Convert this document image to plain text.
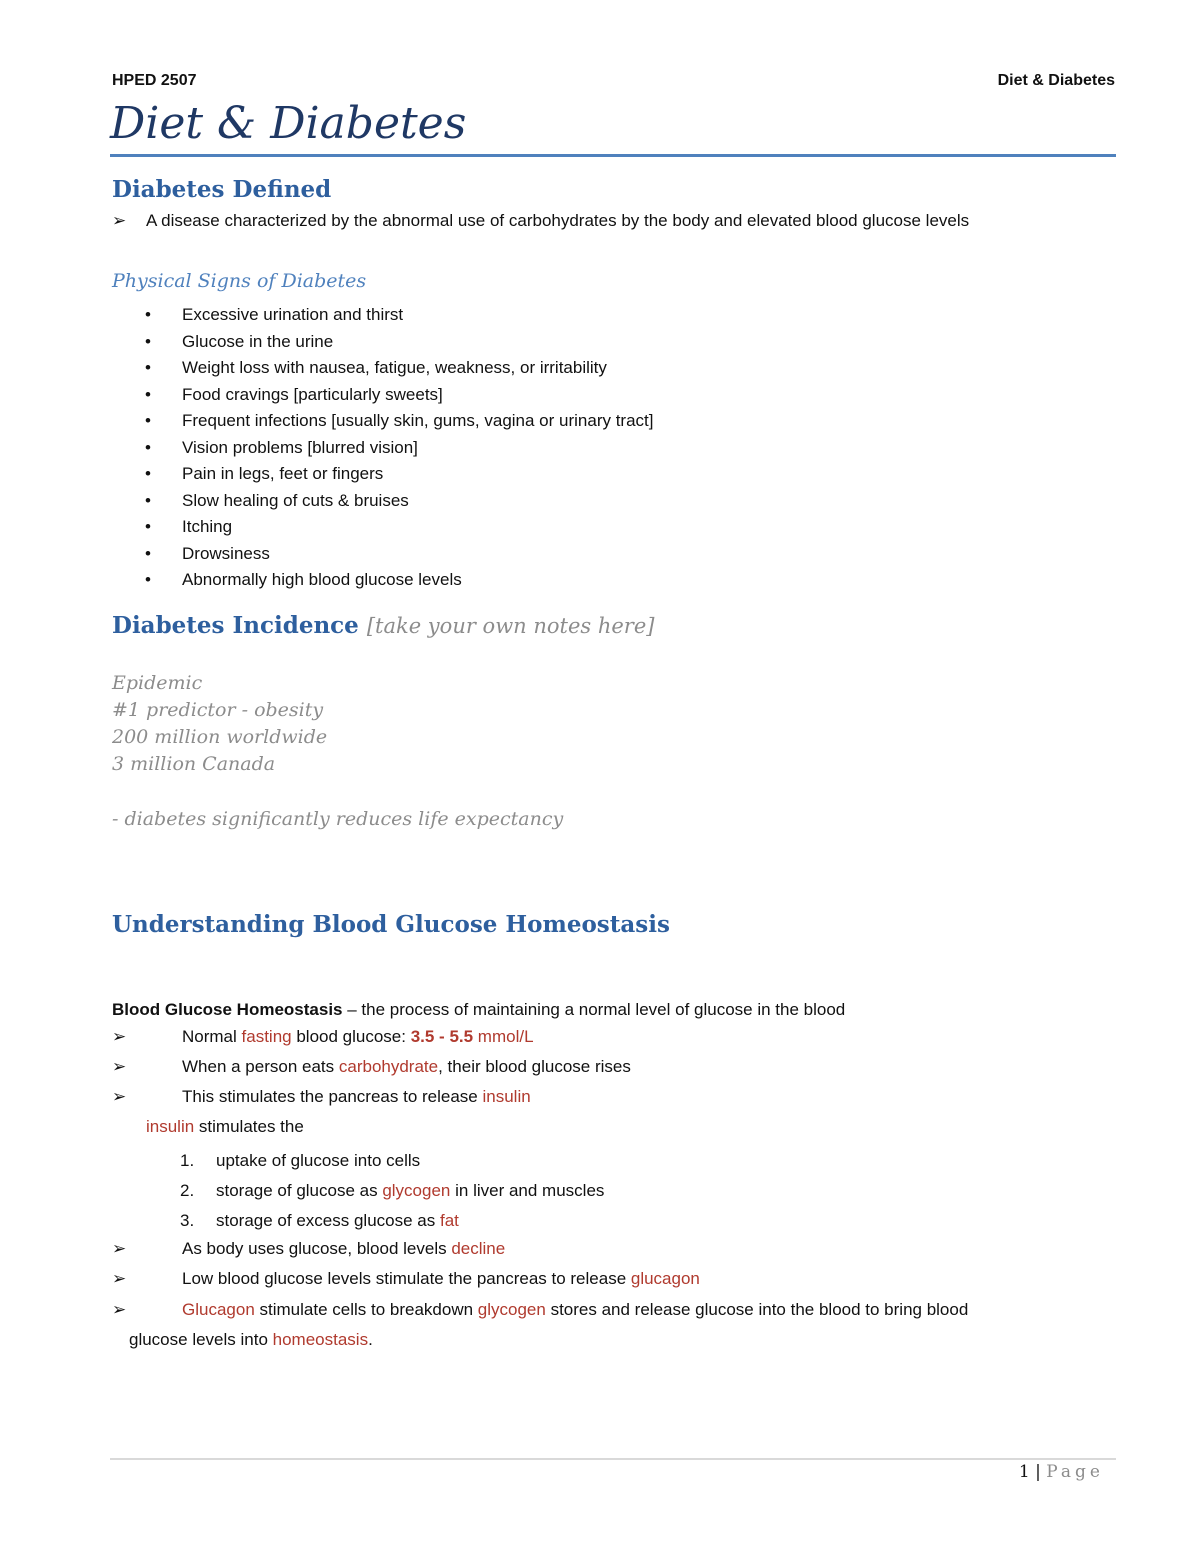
HPED 2507	Diet & Diabetes
Diet & Diabetes
Diabetes Defined
➢ A disease characterized by the abnormal use of carbohydrates by the body and elevated blood glucose levels
Physical Signs of Diabetes
• Excessive urination and thirst
• Glucose in the urine
• Weight loss with nausea, fatigue, weakness, or irritability
• Food cravings [particularly sweets]
• Frequent infections [usually skin, gums, vagina or urinary tract]
• Vision problems [blurred vision]
• Pain in legs, feet or fingers
• Slow healing of cuts & bruises
• Itching
• Drowsiness
• Abnormally high blood glucose levels
Diabetes Incidence [take your own notes here]
Epidemic
#1 predictor - obesity
200 million worldwide
3 million Canada
- diabetes significantly reduces life expectancy
Understanding Blood Glucose Homeostasis
Blood Glucose Homeostasis – the process of maintaining a normal level of glucose in the blood
➢	Normal fasting blood glucose: 3.5 - 5.5 mmol/L
➢	When a person eats carbohydrate, their blood glucose rises
➢	This stimulates the pancreas to release insulin
insulin stimulates the
1. uptake of glucose into cells
2. storage of glucose as glycogen in liver and muscles
3. storage of excess glucose as fat
➢	As body uses glucose, blood levels decline
➢	Low blood glucose levels stimulate the pancreas to release glucagon
➢	Glucagon stimulate cells to breakdown glycogen stores and release glucose into the blood to bring blood
glucose levels into homeostasis.
1 | Page
